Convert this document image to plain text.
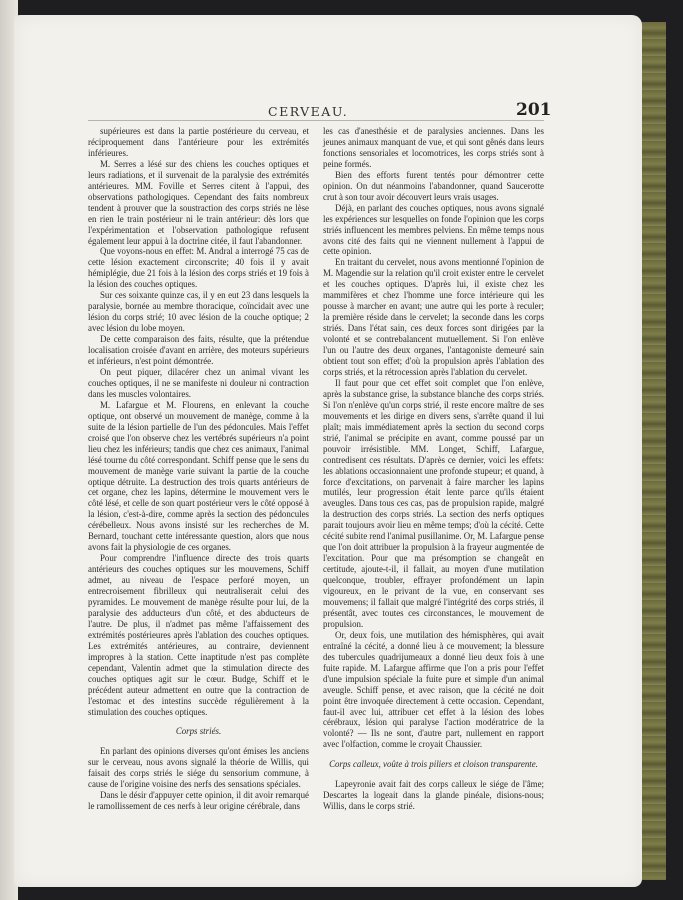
CERVEAU.	201

supérieures est dans la partie postérieure du cerveau, et réciproquement dans l'antérieure pour les extrémités inférieures.

M. Serres a lésé sur des chiens les couches optiques et leurs radiations, et il survenait de la paralysie des extrémités antérieures. MM. Foville et Serres citent à l'appui, des observations pathologiques. Cependant des faits nombreux tendent à prouver que la soustraction des corps striés ne lèse en rien le train postérieur ni le train antérieur: dès lors que l'expérimentation et l'observation pathologique refusent également leur appui à la doctrine citée, il faut l'abandonner.

Que voyons-nous en effet: M. Andral a interrogé 75 cas de cette lésion exactement circonscrite; 40 fois il y avait hémiplégie, due 21 fois à la lésion des corps striés et 19 fois à la lésion des couches optiques.

Sur ces soixante quinze cas, il y en eut 23 dans lesquels la paralysie, bornée au membre thoracique, coïncidait avec une lésion du corps strié; 10 avec lésion de la couche optique; 2 avec lésion du lobe moyen.

De cette comparaison des faits, résulte, que la prétendue localisation croisée d'avant en arrière, des moteurs supérieurs et inférieurs, n'est point démontrée.

On peut piquer, dilacérer chez un animal vivant les couches optiques, il ne se manifeste ni douleur ni contraction dans les muscles volontaires.

M. Lafargue et M. Flourens, en enlevant la couche optique, ont observé un mouvement de manège, comme à la suite de la lésion partielle de l'un des pédoncules. Mais l'effet croisé que l'on observe chez les vertébrés supérieurs n'a point lieu chez les inférieurs; tandis que chez ces animaux, l'animal lésé tourne du côté correspondant. Schiff pense que le sens du mouvement de manège varie suivant la partie de la couche optique détruite. La destruction des trois quarts antérieurs de cet organe, chez les lapins, détermine le mouvement vers le côté lésé, et celle de son quart postérieur vers le côté opposé à la lésion, c'est-à-dire, comme après la section des pédoncules cérébelleux. Nous avons insisté sur les recherches de M. Bernard, touchant cette intéressante question, alors que nous avons fait la physiologie de ces organes.

Pour comprendre l'influence directe des trois quarts antérieurs des couches optiques sur les mouvemens, Schiff admet, au niveau de l'espace perforé moyen, un entrecroisement fibrilleux qui neutraliserait celui des pyramides. Le mouvement de manège résulte pour lui, de la paralysie des adducteurs d'un côté, et des abducteurs de l'autre. De plus, il n'admet pas même l'affaissement des extrémités postérieures après l'ablation des couches optiques. Les extrémités antérieures, au contraire, deviennent impropres à la station. Cette inaptitude n'est pas complète cependant, Valentin admet que la stimulation directe des couches optiques agit sur le cœur. Budge, Schiff et le précédent auteur admettent en outre que la contraction de l'estomac et des intestins succède régulièrement à la stimulation des couches optiques.

Corps striés.

En parlant des opinions diverses qu'ont émises les anciens sur le cerveau, nous avons signalé la théorie de Willis, qui faisait des corps striés le siége du sensorium commune, à cause de l'origine voisine des nerfs des sensations spéciales.

Dans le désir d'appuyer cette opinion, il dit avoir remarqué le ramollissement de ces nerfs à leur origine cérébrale, dans

les cas d'anesthésie et de paralysies anciennes. Dans les jeunes animaux manquant de vue, et qui sont gênés dans leurs fonctions sensoriales et locomotrices, les corps striés sont à peine formés.

Bien des efforts furent tentés pour démontrer cette opinion. On dut néanmoins l'abandonner, quand Saucerotte crut à son tour avoir découvert leurs vrais usages.

Déjà, en parlant des couches optiques, nous avons signalé les expériences sur lesquelles on fonde l'opinion que les corps striés influencent les membres pelviens. En même temps nous avons cité des faits qui ne viennent nullement à l'appui de cette opinion.

En traitant du cervelet, nous avons mentionné l'opinion de M. Magendie sur la relation qu'il croit exister entre le cervelet et les couches optiques. D'après lui, il existe chez les mammifères et chez l'homme une force intérieure qui les pousse à marcher en avant; une autre qui les porte à reculer; la première réside dans le cervelet; la seconde dans les corps striés. Dans l'état sain, ces deux forces sont dirigées par la volonté et se contrebalancent mutuellement. Si l'on enlève l'un ou l'autre des deux organes, l'antagoniste demeuré sain obtient tout son effet; d'où la propulsion après l'ablation des corps striés, et la rétrocession après l'ablation du cervelet.

Il faut pour que cet effet soit complet que l'on enlève, après la substance grise, la substance blanche des corps striés. Si l'on n'enlève qu'un corps strié, il reste encore maître de ses mouvements et les dirige en divers sens, s'arrête quand il lui plaît; mais immédiatement après la section du second corps strié, l'animal se précipite en avant, comme poussé par un pouvoir irrésistible. MM. Longet, Schiff, Lafargue, contredisent ces résultats. D'après ce dernier, voici les effets: les ablations occasionnaient une profonde stupeur; et quand, à force d'excitations, on parvenait à faire marcher les lapins mutilés, leur progression était lente parce qu'ils étaient aveugles. Dans tous ces cas, pas de propulsion rapide, malgré la destruction des corps striés. La section des nerfs optiques parait toujours avoir lieu en même temps; d'où la cécité. Cette cécité subite rend l'animal pusillanime. Or, M. Lafargue pense que l'on doit attribuer la propulsion à la frayeur augmentée de l'excitation. Pour que ma présomption se changeât en certitude, ajoute-t-il, il fallait, au moyen d'une mutilation quelconque, troubler, effrayer profondément un lapin vigoureux, en le privant de la vue, en conservant ses mouvemens; il fallait que malgré l'intégrité des corps striés, il présentât, avec toutes ces circonstances, le mouvement de propulsion.

Or, deux fois, une mutilation des hémisphères, qui avait entraîné la cécité, a donné lieu à ce mouvement; la blessure des tubercules quadrijumeaux a donné lieu deux fois à une fuite rapide. M. Lafargue affirme que l'on a pris pour l'effet d'une impulsion spéciale la fuite pure et simple d'un animal aveugle. Schiff pense, et avec raison, que la cécité ne doit point être invoquée directement à cette occasion. Cependant, faut-il avec lui, attribuer cet effet à la lésion des lobes cérébraux, lésion qui paralyse l'action modératrice de la volonté? — Ils ne sont, d'autre part, nullement en rapport avec l'olfaction, comme le croyait Chaussier.

Corps calleux, voûte à trois piliers et cloison transparente.

Lapeyronie avait fait des corps calleux le siége de l'âme; Descartes la logeait dans la glande pinéale, disions-nous; Willis, dans le corps strié.
